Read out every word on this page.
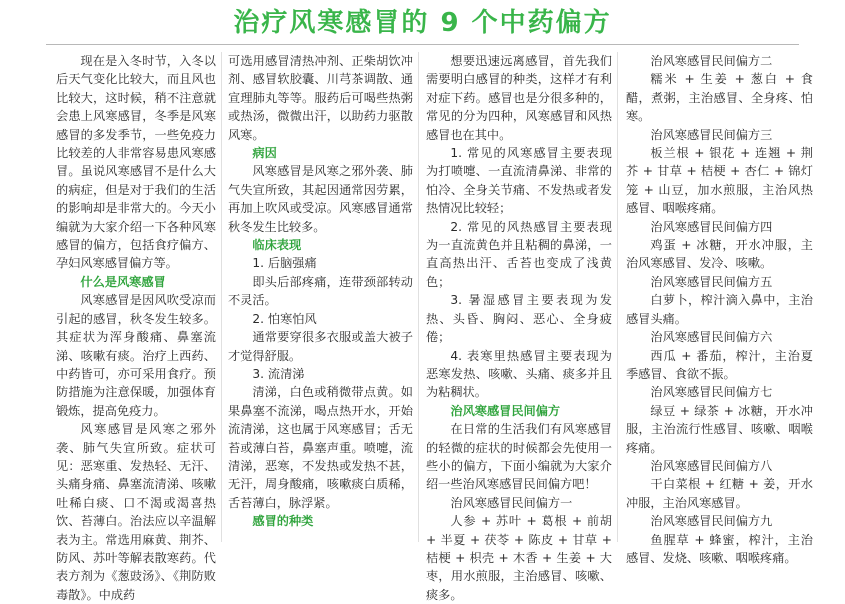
治疗风寒感冒的 9 个中药偏方

现在是入冬时节，入冬以后天气变化比较大，而且风也比较大，这时候，稍不注意就会患上风寒感冒，冬季是风寒感冒的多发季节，一些免疫力比较差的人非常容易患风寒感冒。虽说风寒感冒不是什么大的病症，但是对于我们的生活的影响却是非常大的。今天小编就为大家介绍一下各种风寒感冒的偏方，包括食疗偏方、孕妇风寒感冒偏方等。

什么是风寒感冒

风寒感冒是因风吹受凉而引起的感冒，秋冬发生较多。其症状为浑身酸痛、鼻塞流涕、咳嗽有痰。治疗上西药、中药皆可，亦可采用食疗。预防措施为注意保暖，加强体育锻炼，提高免疫力。

风寒感冒是风寒之邪外袭、肺气失宣所致。症状可见：恶寒重、发热轻、无汗、头痛身痛、鼻塞流清涕、咳嗽吐稀白痰、口不渴或渴喜热饮、苔薄白。治法应以辛温解表为主。常选用麻黄、荆芥、防风、苏叶等解表散寒药。代表方剂为《葱豉汤》、《荆防败毒散》。中成药

可选用感冒清热冲剂、正柴胡饮冲剂、感冒软胶囊、川芎茶调散、通宣理肺丸等等。服药后可喝些热粥或热汤，微微出汗，以助药力驱散风寒。

病因

风寒感冒是风寒之邪外袭、肺气失宣所致，其起因通常因劳累，再加上吹风或受凉。风寒感冒通常秋冬发生比较多。

临床表现

1. 后脑强痛

即头后部疼痛，连带颈部转动不灵活。

2. 怕寒怕风

通常要穿很多衣服或盖大被子才觉得舒服。

3. 流清涕

清涕，白色或稍微带点黄。如果鼻塞不流涕，喝点热开水，开始流清涕，这也属于风寒感冒；舌无苔或薄白苔，鼻塞声重。喷嚏，流清涕，恶寒，不发热或发热不甚，无汗，周身酸痛，咳嗽痰白质稀，舌苔薄白，脉浮紧。

感冒的种类

想要迅速远离感冒，首先我们需要明白感冒的种类，这样才有利对症下药。感冒也是分很多种的，常见的分为四种，风寒感冒和风热感冒也在其中。

1. 常见的风寒感冒主要表现为打喷嚏、一直流清鼻涕、非常的怕冷、全身关节痛、不发热或者发热情况比较轻；

2. 常见的风热感冒主要表现为一直流黄色并且粘稠的鼻涕，一直高热出汗、舌苔也变成了浅黄色；

3. 暑湿感冒主要表现为发热、头昏、胸闷、恶心、全身疲倦；

4. 表寒里热感冒主要表现为恶寒发热、咳嗽、头痛、痰多并且为粘稠状。

治风寒感冒民间偏方

在日常的生活我们有风寒感冒的轻微的症状的时候都会先使用一些小的偏方，下面小编就为大家介绍一些治风寒感冒民间偏方吧！

治风寒感冒民间偏方一

人参 + 苏叶 + 葛根 + 前胡 + 半夏 + 茯苓 + 陈皮 + 甘草 + 桔梗 + 枳壳 + 木香 + 生姜 + 大枣，用水煎服，主治感冒、咳嗽、痰多。

治风寒感冒民间偏方二

糯米 + 生姜 + 葱白 + 食醋，煮粥，主治感冒、全身疼、怕寒。

治风寒感冒民间偏方三

板兰根 + 银花 + 连翘 + 荆芥 + 甘草 + 桔梗 + 杏仁 + 锦灯笼 + 山豆，加水煎服，主治风热感冒、咽喉疼痛。

治风寒感冒民间偏方四

鸡蛋 + 冰糖，开水冲服，主治风寒感冒、发冷、咳嗽。

治风寒感冒民间偏方五

白萝卜，榨汁滴入鼻中，主治感冒头痛。

治风寒感冒民间偏方六

西瓜 + 番茄，榨汁，主治夏季感冒、食欲不振。

治风寒感冒民间偏方七

绿豆 + 绿茶 + 冰糖，开水冲服，主治流行性感冒、咳嗽、咽喉疼痛。

治风寒感冒民间偏方八

干白菜根 + 红糖 + 姜，开水冲服，主治风寒感冒。

治风寒感冒民间偏方九

鱼腥草 + 蜂蜜，榨汁，主治感冒、发烧、咳嗽、咽喉疼痛。
